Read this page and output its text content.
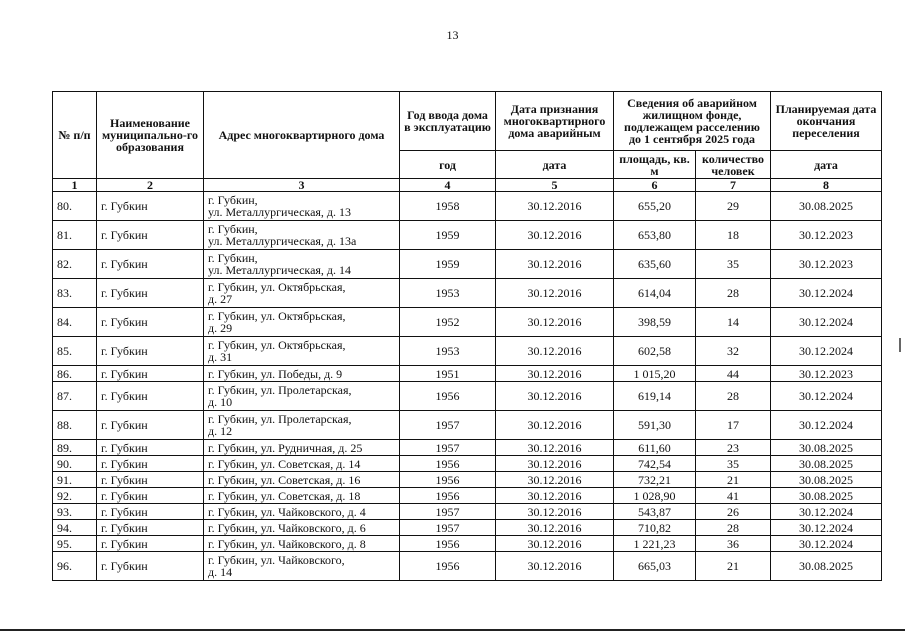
13
№ п/п	Наименование муниципально-го образования	Адрес многоквартирного дома	Год ввода дома в эксплуатацию	Дата признания многоквартирного дома аварийным	Сведения об аварийном жилищном фонде, подлежащем расселению до 1 сентября 2025 года		Планируемая дата окончания переселения
			год	дата	площадь, кв. м	количество человек	дата
1	2	3	4	5	6	7	8
80.	г. Губкин	г. Губкин,
ул. Металлургическая, д. 13	1958	30.12.2016	655,20	29	30.08.2025
81.	г. Губкин	г. Губкин,
ул. Металлургическая, д. 13а	1959	30.12.2016	653,80	18	30.12.2023
82.	г. Губкин	г. Губкин,
ул. Металлургическая, д. 14	1959	30.12.2016	635,60	35	30.12.2023
83.	г. Губкин	г. Губкин, ул. Октябрьская,
д. 27	1953	30.12.2016	614,04	28	30.12.2024
84.	г. Губкин	г. Губкин, ул. Октябрьская,
д. 29	1952	30.12.2016	398,59	14	30.12.2024
85.	г. Губкин	г. Губкин, ул. Октябрьская,
д. 31	1953	30.12.2016	602,58	32	30.12.2024
86.	г. Губкин	г. Губкин, ул. Победы, д. 9	1951	30.12.2016	1 015,20	44	30.12.2023
87.	г. Губкин	г. Губкин, ул. Пролетарская,
д. 10	1956	30.12.2016	619,14	28	30.12.2024
88.	г. Губкин	г. Губкин, ул. Пролетарская,
д. 12	1957	30.12.2016	591,30	17	30.12.2024
89.	г. Губкин	г. Губкин, ул. Рудничная, д. 25	1957	30.12.2016	611,60	23	30.08.2025
90.	г. Губкин	г. Губкин, ул. Советская, д. 14	1956	30.12.2016	742,54	35	30.08.2025
91.	г. Губкин	г. Губкин, ул. Советская, д. 16	1956	30.12.2016	732,21	21	30.08.2025
92.	г. Губкин	г. Губкин, ул. Советская, д. 18	1956	30.12.2016	1 028,90	41	30.08.2025
93.	г. Губкин	г. Губкин, ул. Чайковского, д. 4	1957	30.12.2016	543,87	26	30.12.2024
94.	г. Губкин	г. Губкин, ул. Чайковского, д. 6	1957	30.12.2016	710,82	28	30.12.2024
95.	г. Губкин	г. Губкин, ул. Чайковского, д. 8	1956	30.12.2016	1 221,23	36	30.12.2024
96.	г. Губкин	г. Губкин, ул. Чайковского,
д. 14	1956	30.12.2016	665,03	21	30.08.2025
